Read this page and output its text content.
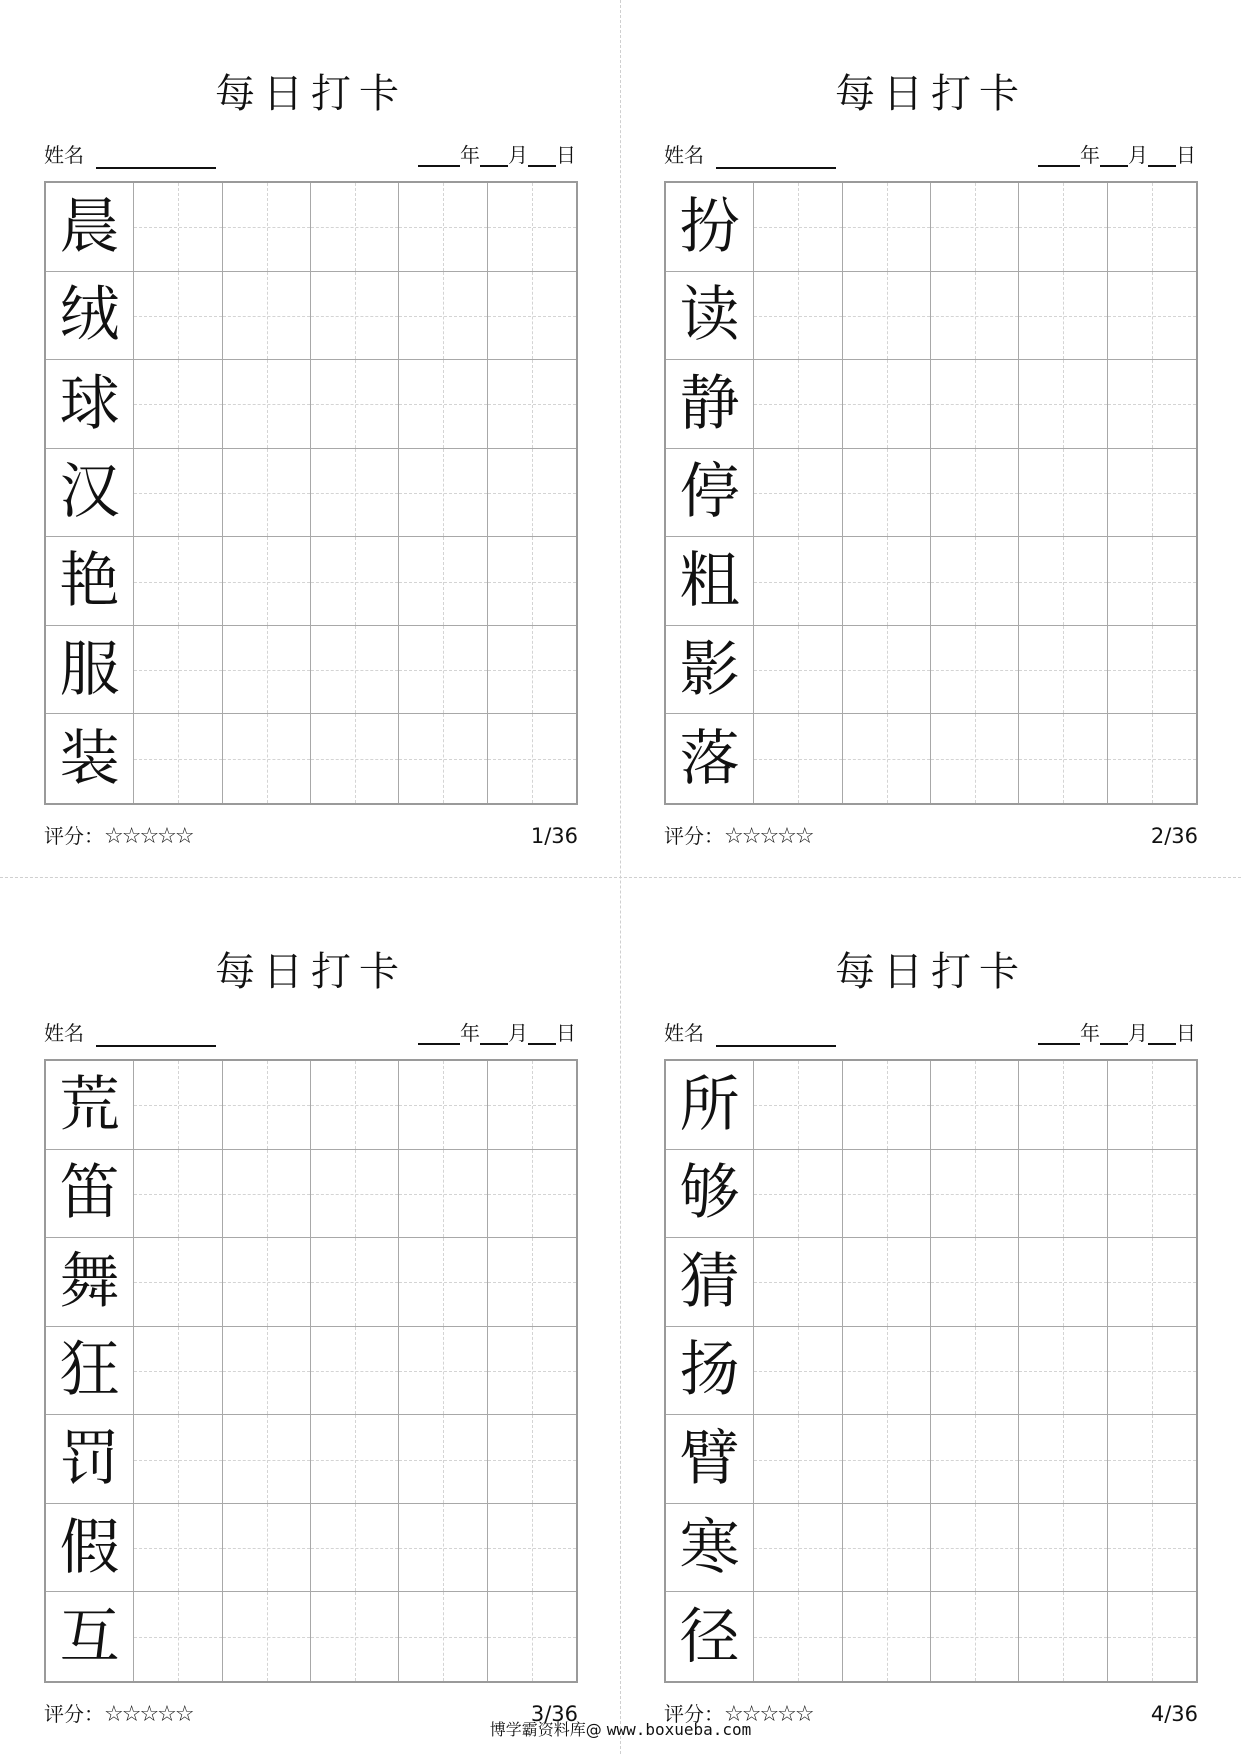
每日打卡
姓名	年 月 日
晨
绒
球
汉
艳
服
装
评分：☆☆☆☆☆	1/36
每日打卡
姓名	年 月 日
扮
读
静
停
粗
影
落
评分：☆☆☆☆☆	2/36
每日打卡
姓名	年 月 日
荒
笛
舞
狂
罚
假
互
评分：☆☆☆☆☆	3/36
每日打卡
姓名	年 月 日
所
够
猜
扬
臂
寒
径
评分：☆☆☆☆☆	4/36
博学霸资料库@ www.boxueba.com
